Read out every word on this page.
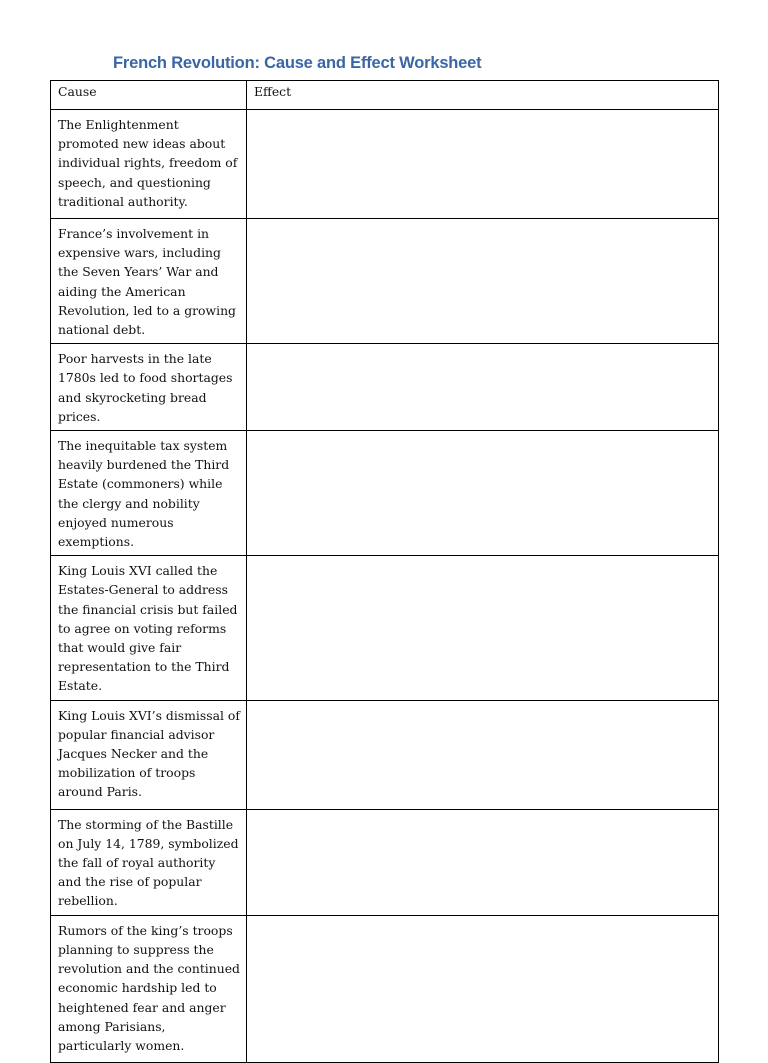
French Revolution: Cause and Effect Worksheet
Cause	Effect

The Enlightenment promoted new ideas about individual rights, freedom of speech, and questioning traditional authority.	

France’s involvement in expensive wars, including the Seven Years’ War and aiding the American Revolution, led to a growing national debt.	

Poor harvests in the late 1780s led to food shortages and skyrocketing bread prices.	

The inequitable tax system heavily burdened the Third Estate (commoners) while the clergy and nobility enjoyed numerous exemptions.	

King Louis XVI called the Estates-General to address the financial crisis but failed to agree on voting reforms that would give fair representation to the Third Estate.	

King Louis XVI’s dismissal of popular financial advisor Jacques Necker and the mobilization of troops around Paris.	

The storming of the Bastille on July 14, 1789, symbolized the fall of royal authority and the rise of popular rebellion.	

Rumors of the king’s troops planning to suppress the revolution and the continued economic hardship led to heightened fear and anger among Parisians, particularly women.	
